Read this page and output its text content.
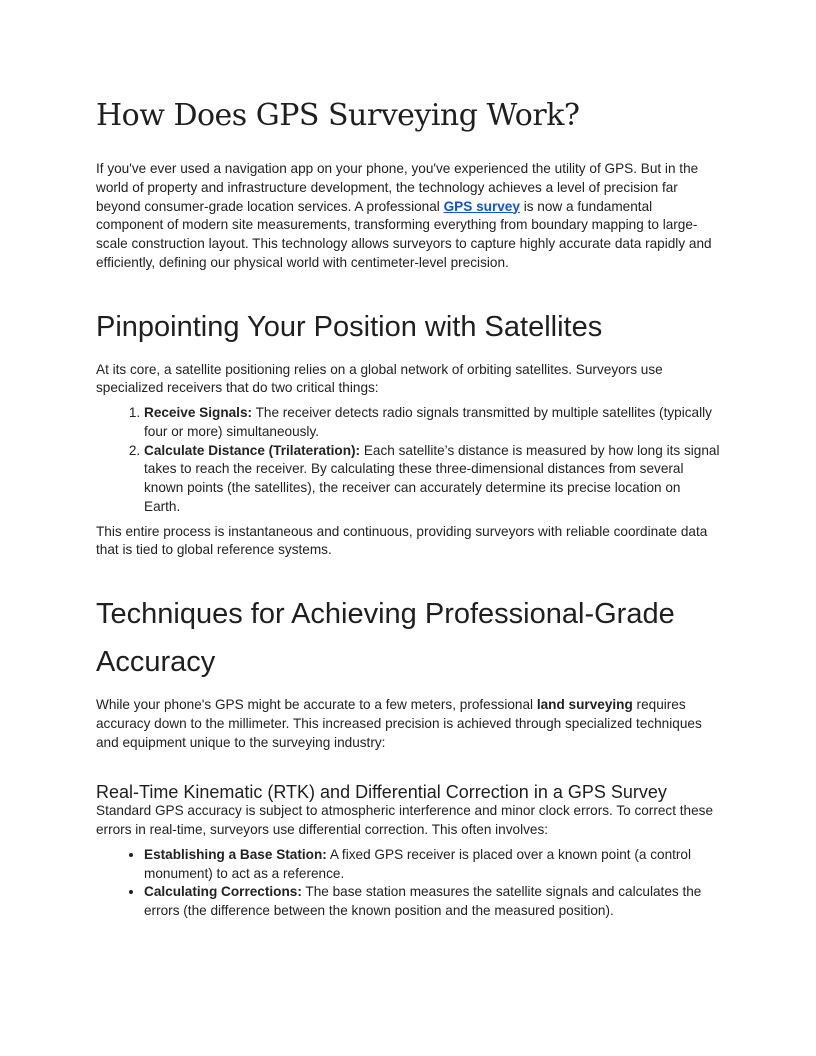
How Does GPS Surveying Work?

If you've ever used a navigation app on your phone, you've experienced the utility of GPS. But in the world of property and infrastructure development, the technology achieves a level of precision far beyond consumer-grade location services. A professional GPS survey is now a fundamental component of modern site measurements, transforming everything from boundary mapping to large-scale construction layout. This technology allows surveyors to capture highly accurate data rapidly and efficiently, defining our physical world with centimeter-level precision.

Pinpointing Your Position with Satellites

At its core, a satellite positioning relies on a global network of orbiting satellites. Surveyors use specialized receivers that do two critical things:

1. Receive Signals: The receiver detects radio signals transmitted by multiple satellites (typically four or more) simultaneously.
2. Calculate Distance (Trilateration): Each satellite’s distance is measured by how long its signal takes to reach the receiver. By calculating these three-dimensional distances from several known points (the satellites), the receiver can accurately determine its precise location on Earth.

This entire process is instantaneous and continuous, providing surveyors with reliable coordinate data that is tied to global reference systems.

Techniques for Achieving Professional-Grade Accuracy

While your phone's GPS might be accurate to a few meters, professional land surveying requires accuracy down to the millimeter. This increased precision is achieved through specialized techniques and equipment unique to the surveying industry:

Real-Time Kinematic (RTK) and Differential Correction in a GPS Survey

Standard GPS accuracy is subject to atmospheric interference and minor clock errors. To correct these errors in real-time, surveyors use differential correction. This often involves:

• Establishing a Base Station: A fixed GPS receiver is placed over a known point (a control monument) to act as a reference.
• Calculating Corrections: The base station measures the satellite signals and calculates the errors (the difference between the known position and the measured position).
